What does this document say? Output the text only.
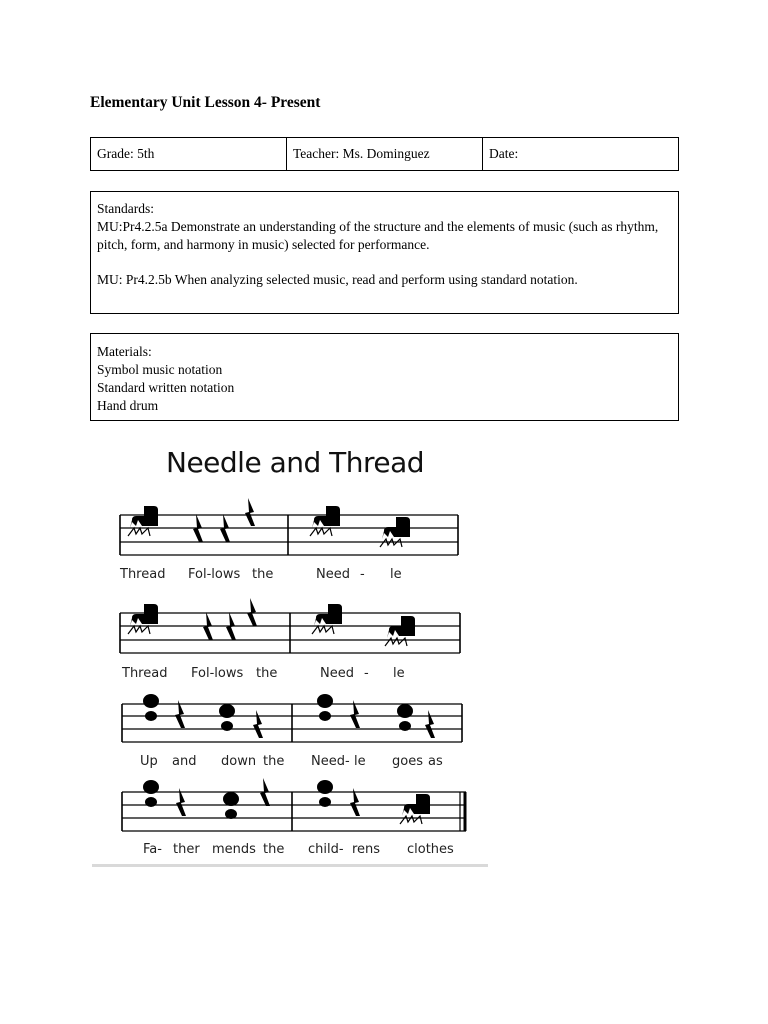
Elementary Unit Lesson 4- Present
Grade: 5th	Teacher: Ms. Dominguez	Date:

Standards:

MU:Pr4.2.5a Demonstrate an understanding of the structure and the elements of music (such as rhythm, pitch, form, and harmony in music) selected for performance.

MU: Pr4.2.5b When analyzing selected music, read and perform using standard notation.

Materials:
Symbol music notation
Standard written notation
Hand drum
Needle and Thread
Thread Fol-lows the	Need - le
Thread Fol-lows the	Need - le
Up and down the Need- le goes as
Fa- ther mends the child- rens clothes
